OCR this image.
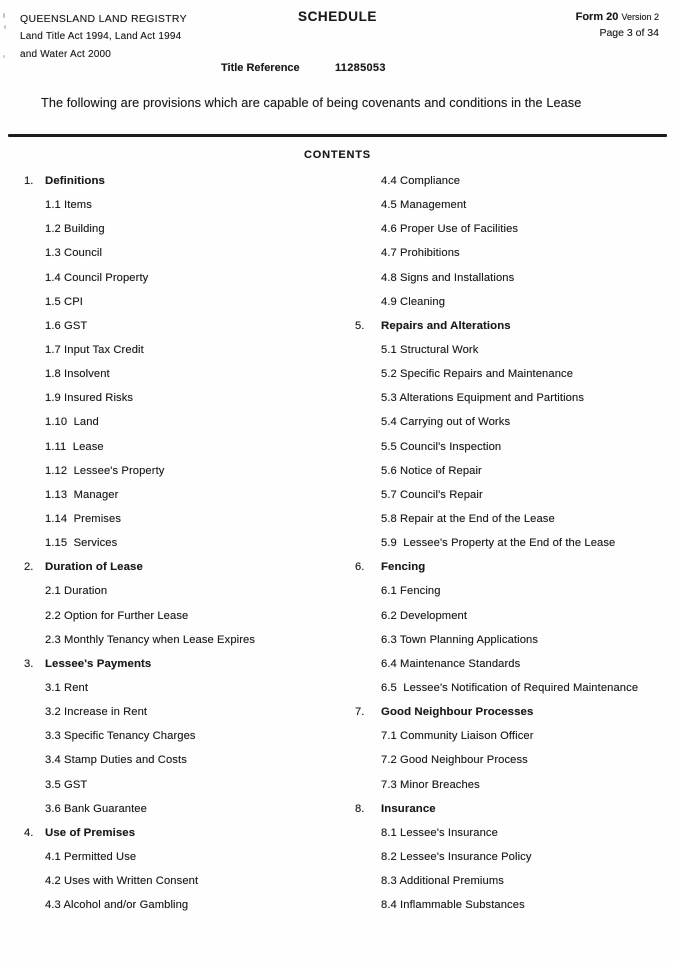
QUEENSLAND LAND REGISTRY
Land Title Act 1994, Land Act 1994
and Water Act 2000
SCHEDULE	Form 20 Version 2
Page 3 of 34
Title Reference	11285053
The following are provisions which are capable of being covenants and conditions in the Lease
CONTENTS
1.	Definitions
1.1 Items
1.2 Building
1.3 Council
1.4 Council Property
1.5 CPI
1.6 GST
1.7 Input Tax Credit
1.8 Insolvent
1.9 Insured Risks
1.10  Land
1.11  Lease
1.12  Lessee's Property
1.13  Manager
1.14  Premises
1.15  Services
2.	Duration of Lease
2.1 Duration
2.2 Option for Further Lease
2.3 Monthly Tenancy when Lease Expires
3.	Lessee's Payments
3.1 Rent
3.2 Increase in Rent
3.3 Specific Tenancy Charges
3.4 Stamp Duties and Costs
3.5 GST
3.6 Bank Guarantee
4.	Use of Premises
4.1 Permitted Use
4.2 Uses with Written Consent
4.3 Alcohol and/or Gambling
4.4 Compliance
4.5 Management
4.6 Proper Use of Facilities
4.7 Prohibitions
4.8 Signs and Installations
4.9 Cleaning
5.	Repairs and Alterations
5.1 Structural Work
5.2 Specific Repairs and Maintenance
5.3 Alterations Equipment and Partitions
5.4 Carrying out of Works
5.5 Council's Inspection
5.6 Notice of Repair
5.7 Council's Repair
5.8 Repair at the End of the Lease
5.9  Lessee's Property at the End of the Lease
6.	Fencing
6.1 Fencing
6.2 Development
6.3 Town Planning Applications
6.4 Maintenance Standards
6.5  Lessee's Notification of Required Maintenance
7.	Good Neighbour Processes
7.1 Community Liaison Officer
7.2 Good Neighbour Process
7.3 Minor Breaches
8.	Insurance
8.1 Lessee's Insurance
8.2 Lessee's Insurance Policy
8.3 Additional Premiums
8.4 Inflammable Substances
